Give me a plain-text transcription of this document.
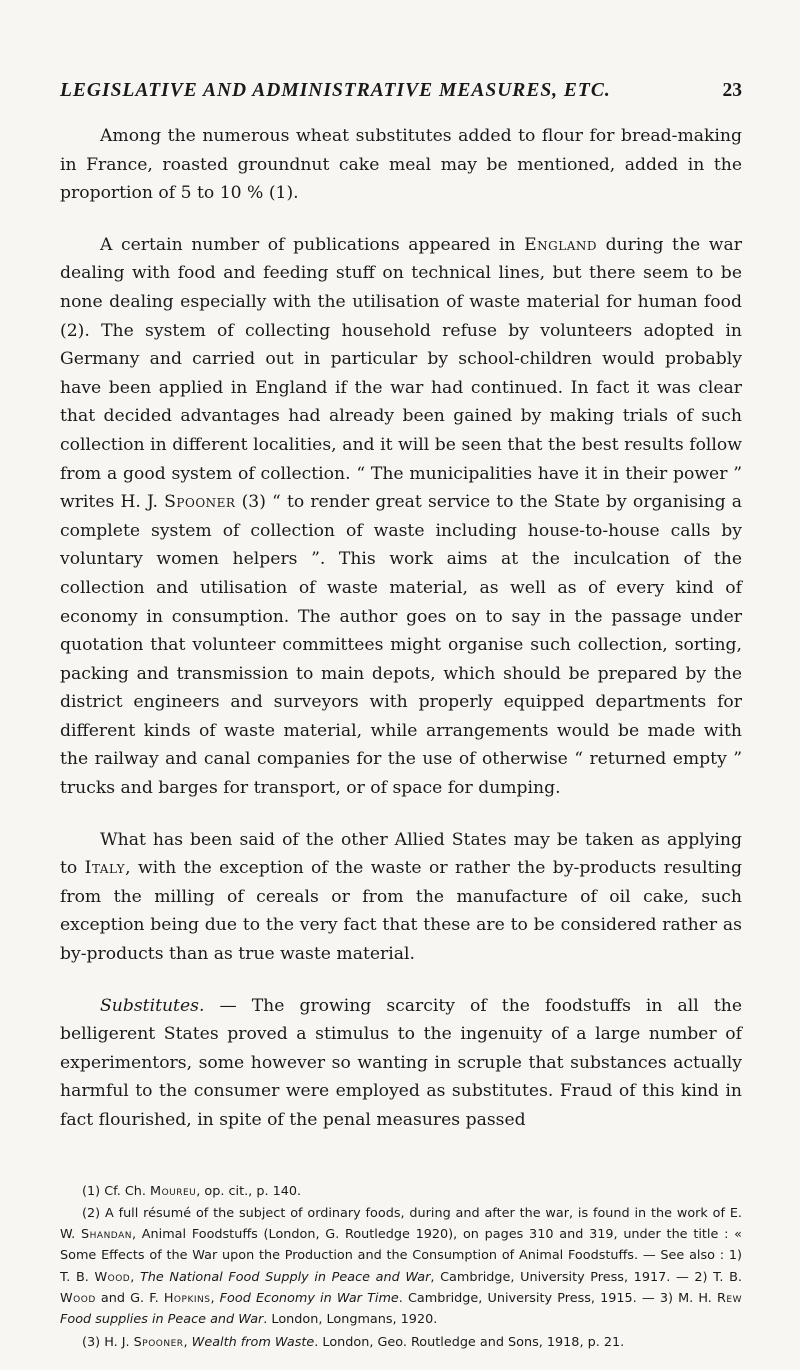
LEGISLATIVE AND ADMINISTRATIVE MEASURES, ETC.	23

Among the numerous wheat substitutes added to flour for bread-making in France, roasted groundnut cake meal may be mentioned, added in the proportion of 5 to 10 % (1).

A certain number of publications appeared in England during the war dealing with food and feeding stuff on technical lines, but there seem to be none dealing especially with the utilisation of waste material for human food (2). The system of collecting household refuse by volunteers adopted in Germany and carried out in particular by school-children would probably have been applied in England if the war had continued. In fact it was clear that decided advantages had already been gained by making trials of such collection in different localities, and it will be seen that the best results follow from a good system of collection. “ The municipalities have it in their power ” writes H. J. Spooner (3) “ to render great service to the State by organising a complete system of collection of waste including house-to-house calls by voluntary women helpers ”. This work aims at the inculcation of the collection and utilisation of waste material, as well as of every kind of economy in consumption. The author goes on to say in the passage under quotation that volunteer committees might organise such collection, sorting, packing and transmission to main depots, which should be prepared by the district engineers and surveyors with properly equipped departments for different kinds of waste material, while arrangements would be made with the railway and canal companies for the use of otherwise “ returned empty ” trucks and barges for transport, or of space for dumping.

What has been said of the other Allied States may be taken as applying to Italy, with the exception of the waste or rather the by-products resulting from the milling of cereals or from the manufacture of oil cake, such exception being due to the very fact that these are to be considered rather as by-products than as true waste material.

Substitutes. — The growing scarcity of the foodstuffs in all the belligerent States proved a stimulus to the ingenuity of a large number of experimentors, some however so wanting in scruple that substances actually harmful to the consumer were employed as substitutes. Fraud of this kind in fact flourished, in spite of the penal measures passed

(1) Cf. Ch. Moureu, op. cit., p. 140.

(2) A full résumé of the subject of ordinary foods, during and after the war, is found in the work of E. W. Shandan, Animal Foodstuffs (London, G. Routledge 1920), on pages 310 and 319, under the title : « Some Effects of the War upon the Production and the Consumption of Animal Foodstuffs. — See also : 1) T. B. Wood, The National Food Supply in Peace and War, Cambridge, University Press, 1917. — 2) T. B. Wood and G. F. Hopkins, Food Economy in War Time. Cambridge, University Press, 1915. — 3) M. H. Rew Food supplies in Peace and War. London, Longmans, 1920.

(3) H. J. Spooner, Wealth from Waste. London, Geo. Routledge and Sons, 1918, p. 21.
